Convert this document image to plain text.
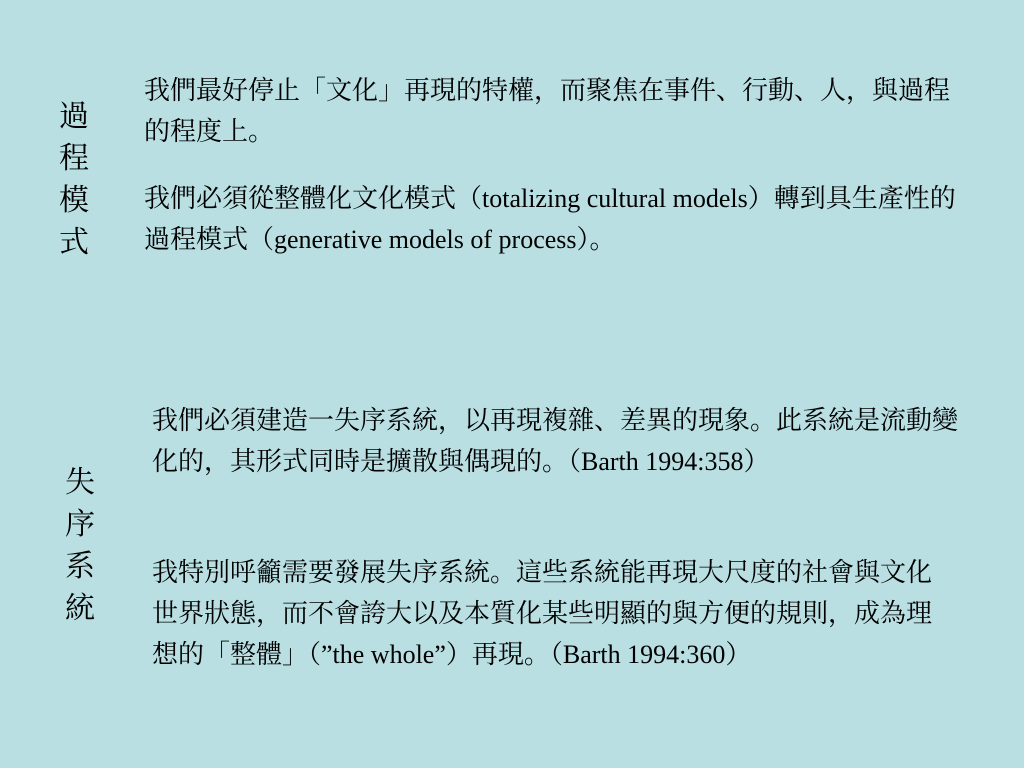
過
程
模
式

我們最好停止「文化」再現的特權，而聚焦在事件、行動、人，與過程的程度上。

我們必須從整體化文化模式（totalizing cultural models）轉到具生產性的過程模式（generative models of process）。

失
序
系
統

我們必須建造一失序系統，以再現複雜、差異的現象。此系統是流動變化的，其形式同時是擴散與偶現的。（Barth 1994:358）

我特別呼籲需要發展失序系統。這些系統能再現大尺度的社會與文化世界狀態，而不會誇大以及本質化某些明顯的與方便的規則，成為理想的「整體」（”the whole”）再現。（Barth 1994:360）
